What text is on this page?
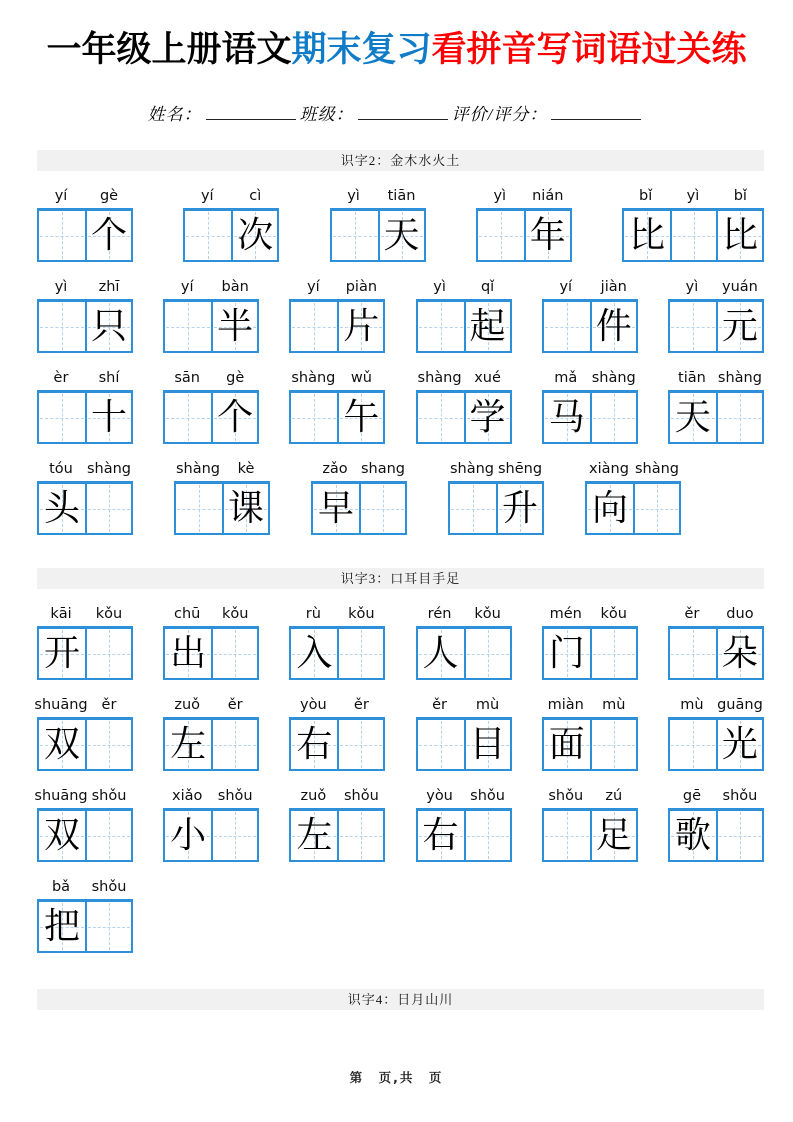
一年级上册语文期末复习看拼音写词语过关练
姓名：	班级：	评价/评分：
识字2：金木水火土
yí gè
个
yí cì
次
yì tiān
天
yì nián
年
bǐ yì bǐ
比 比
yì zhī
只
yí bàn
半
yí piàn
片
yì qǐ
起
yí jiàn
件
yì yuán
元
èr shí
十
sān gè
个
shàng wǔ
午
shàng xué
学
mǎ shàng
马
tiān shàng
天
tóu shàng
头
shàng kè
课
zǎo shang
早
shàng shēng
升
xiàng shàng
向
识字3：口耳目手足
kāi kǒu
开
chū kǒu
出
rù kǒu
入
rén kǒu
人
mén kǒu
门
ěr duo
朵
shuāng ěr
双
zuǒ ěr
左
yòu ěr
右
ěr mù
目
miàn mù
面
mù guāng
光
shuāng shǒu
双
xiǎo shǒu
小
zuǒ shǒu
左
yòu shǒu
右
shǒu zú
足
gē shǒu
歌
bǎ shǒu
把
识字4：日月山川
第　页,共　页
